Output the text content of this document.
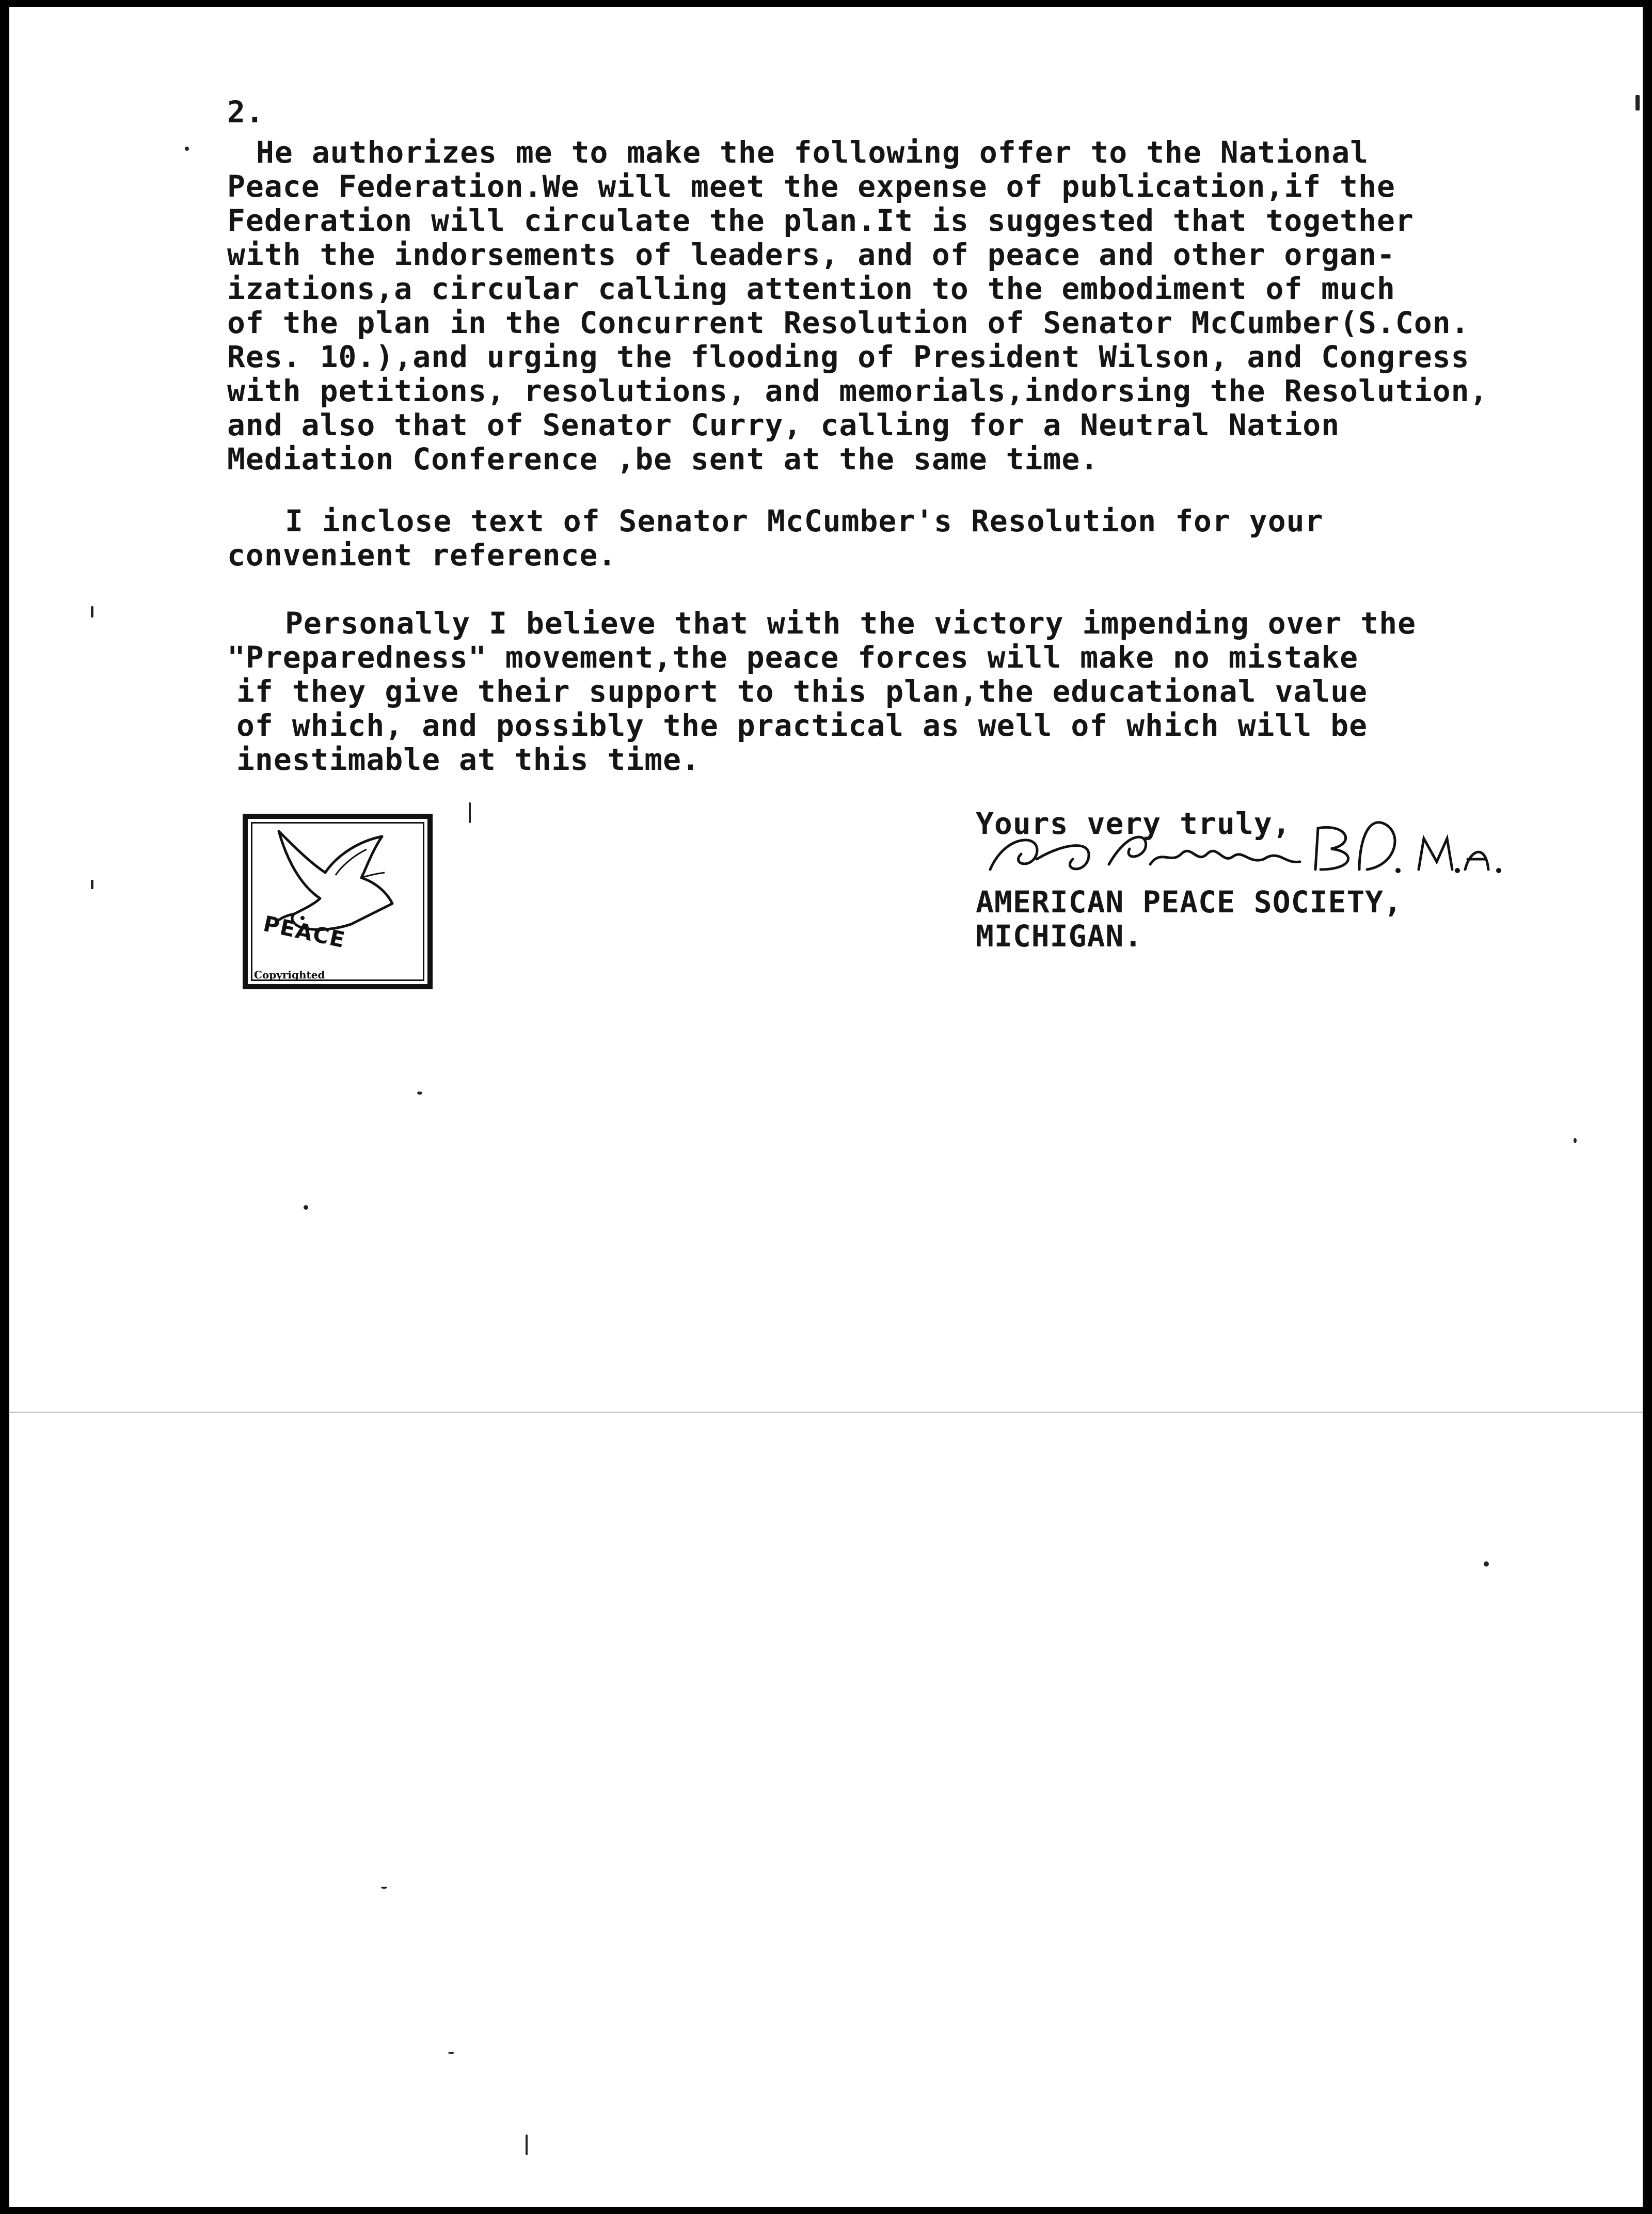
2.

He authorizes me to make the following offer to the National
Peace Federation.We will meet the expense of publication,if the
Federation will circulate the plan.It is suggested that together
with the indorsements of leaders, and of peace and other organ-
izations,a circular calling attention to the embodiment of much
of the plan in the Concurrent Resolution of Senator McCumber(S.Con.
Res. 10.),and urging the flooding of President Wilson, and Congress
with petitions, resolutions, and memorials,indorsing the Resolution,
and also that of Senator Curry, calling for a Neutral Nation
Mediation Conference ,be sent at the same time.

I inclose text of Senator McCumber's Resolution for your
convenient reference.

Personally I believe that with the victory impending over the
"Preparedness" movement,the peace forces will make no mistake
if they give their support to this plan,the educational value
of which, and possibly the practical as well of which will be
inestimable at this time.

PEACE
Copyrighted
Yours very truly,
AMERICAN PEACE SOCIETY,
MICHIGAN.
